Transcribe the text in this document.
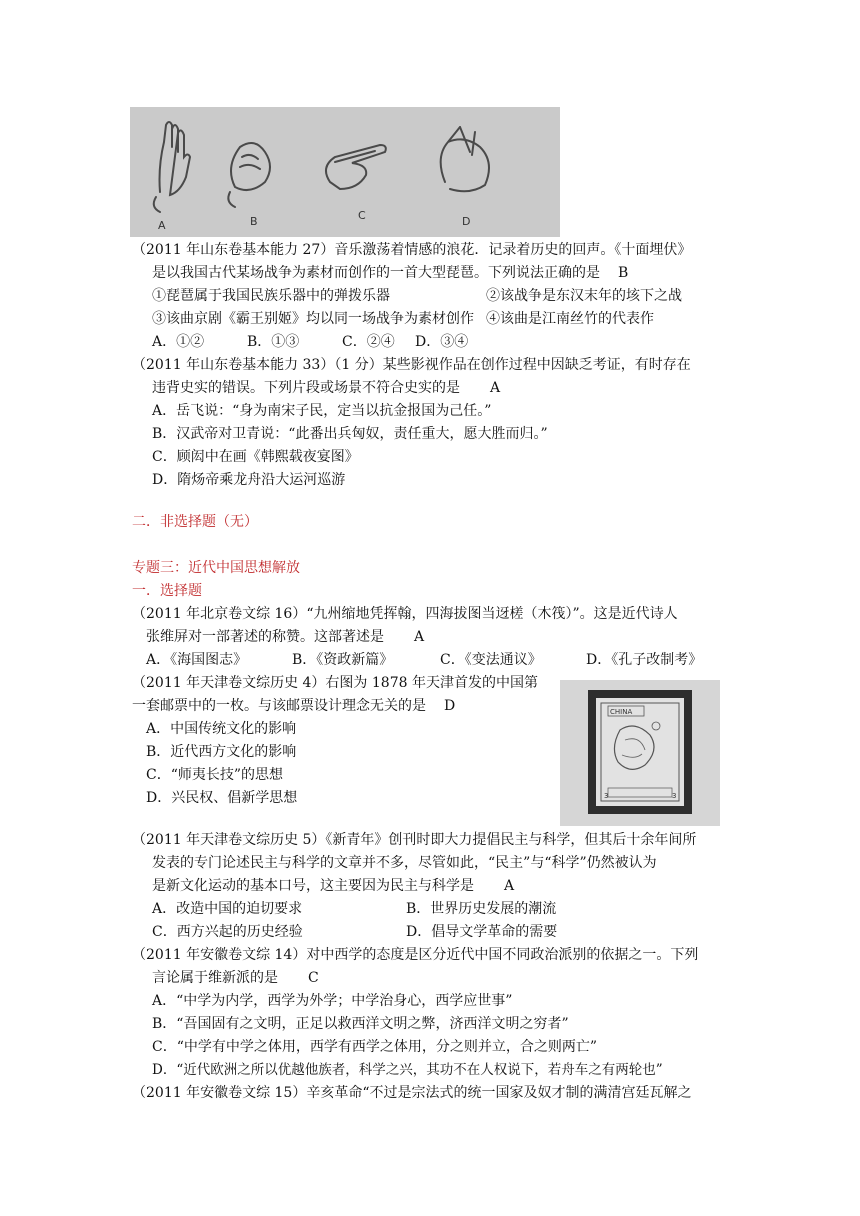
A	B	C	D
（2011 年山东卷基本能力 27）音乐激荡着情感的浪花．记录着历史的回声。《十面埋伏》
是以我国古代某场战争为素材而创作的一首大型琵琶。下列说法正确的是 B
①琵琶属于我国民族乐器中的弹拨乐器	②该战争是东汉末年的垓下之战
③该曲京剧《霸王别姬》均以同一场战争为素材创作 ④该曲是江南丝竹的代表作
A．①②	B．①③	C．②④ D．③④
（2011 年山东卷基本能力 33）（1 分）某些影视作品在创作过程中因缺乏考证，有时存在
违背史实的错误。下列片段或场景不符合史实的是 A
A．岳飞说：“身为南宋子民，定当以抗金报国为己任。”
B．汉武帝对卫青说：“此番出兵匈奴，责任重大，愿大胜而归。”
C．顾闳中在画《韩熙载夜宴图》
D．隋炀帝乘龙舟沿大运河巡游
二．非选择题（无）
专题三：近代中国思想解放
一．选择题
（2011 年北京卷文综 16）“九州缩地凭挥翰，四海拔图当迓槎（木筏）”。这是近代诗人
张维屏对一部著述的称赞。这部著述是 A
A．《海国图志》	B．《资政新篇》	C．《变法通议》	D．《孔子改制考》
（2011 年天津卷文综历史 4）右图为 1878 年天津首发的中国第
一套邮票中的一枚。与该邮票设计理念无关的是 D
A．中国传统文化的影响
B．近代西方文化的影响
C．“师夷长技”的思想
D．兴民权、倡新学思想
CHINA
3	3
（2011 年天津卷文综历史 5）《新青年》创刊时即大力提倡民主与科学，但其后十余年间所
发表的专门论述民主与科学的文章并不多，尽管如此，“民主”与“科学”仍然被认为
是新文化运动的基本口号，这主要因为民主与科学是 A
A．改造中国的迫切要求	B．世界历史发展的潮流
C．西方兴起的历史经验	D．倡导文学革命的需要
（2011 年安徽卷文综 14）对中西学的态度是区分近代中国不同政治派别的依据之一。下列
言论属于维新派的是 C
A．“中学为内学，西学为外学；中学治身心，西学应世事”
B．“吾国固有之文明，正足以救西洋文明之弊，济西洋文明之穷者”
C．“中学有中学之体用，西学有西学之体用，分之则并立，合之则两亡”
D．“近代欧洲之所以优越他族者，科学之兴，其功不在人权说下，若舟车之有两轮也”
（2011 年安徽卷文综 15）辛亥革命“不过是宗法式的统一国家及奴才制的满清宫廷瓦解之
